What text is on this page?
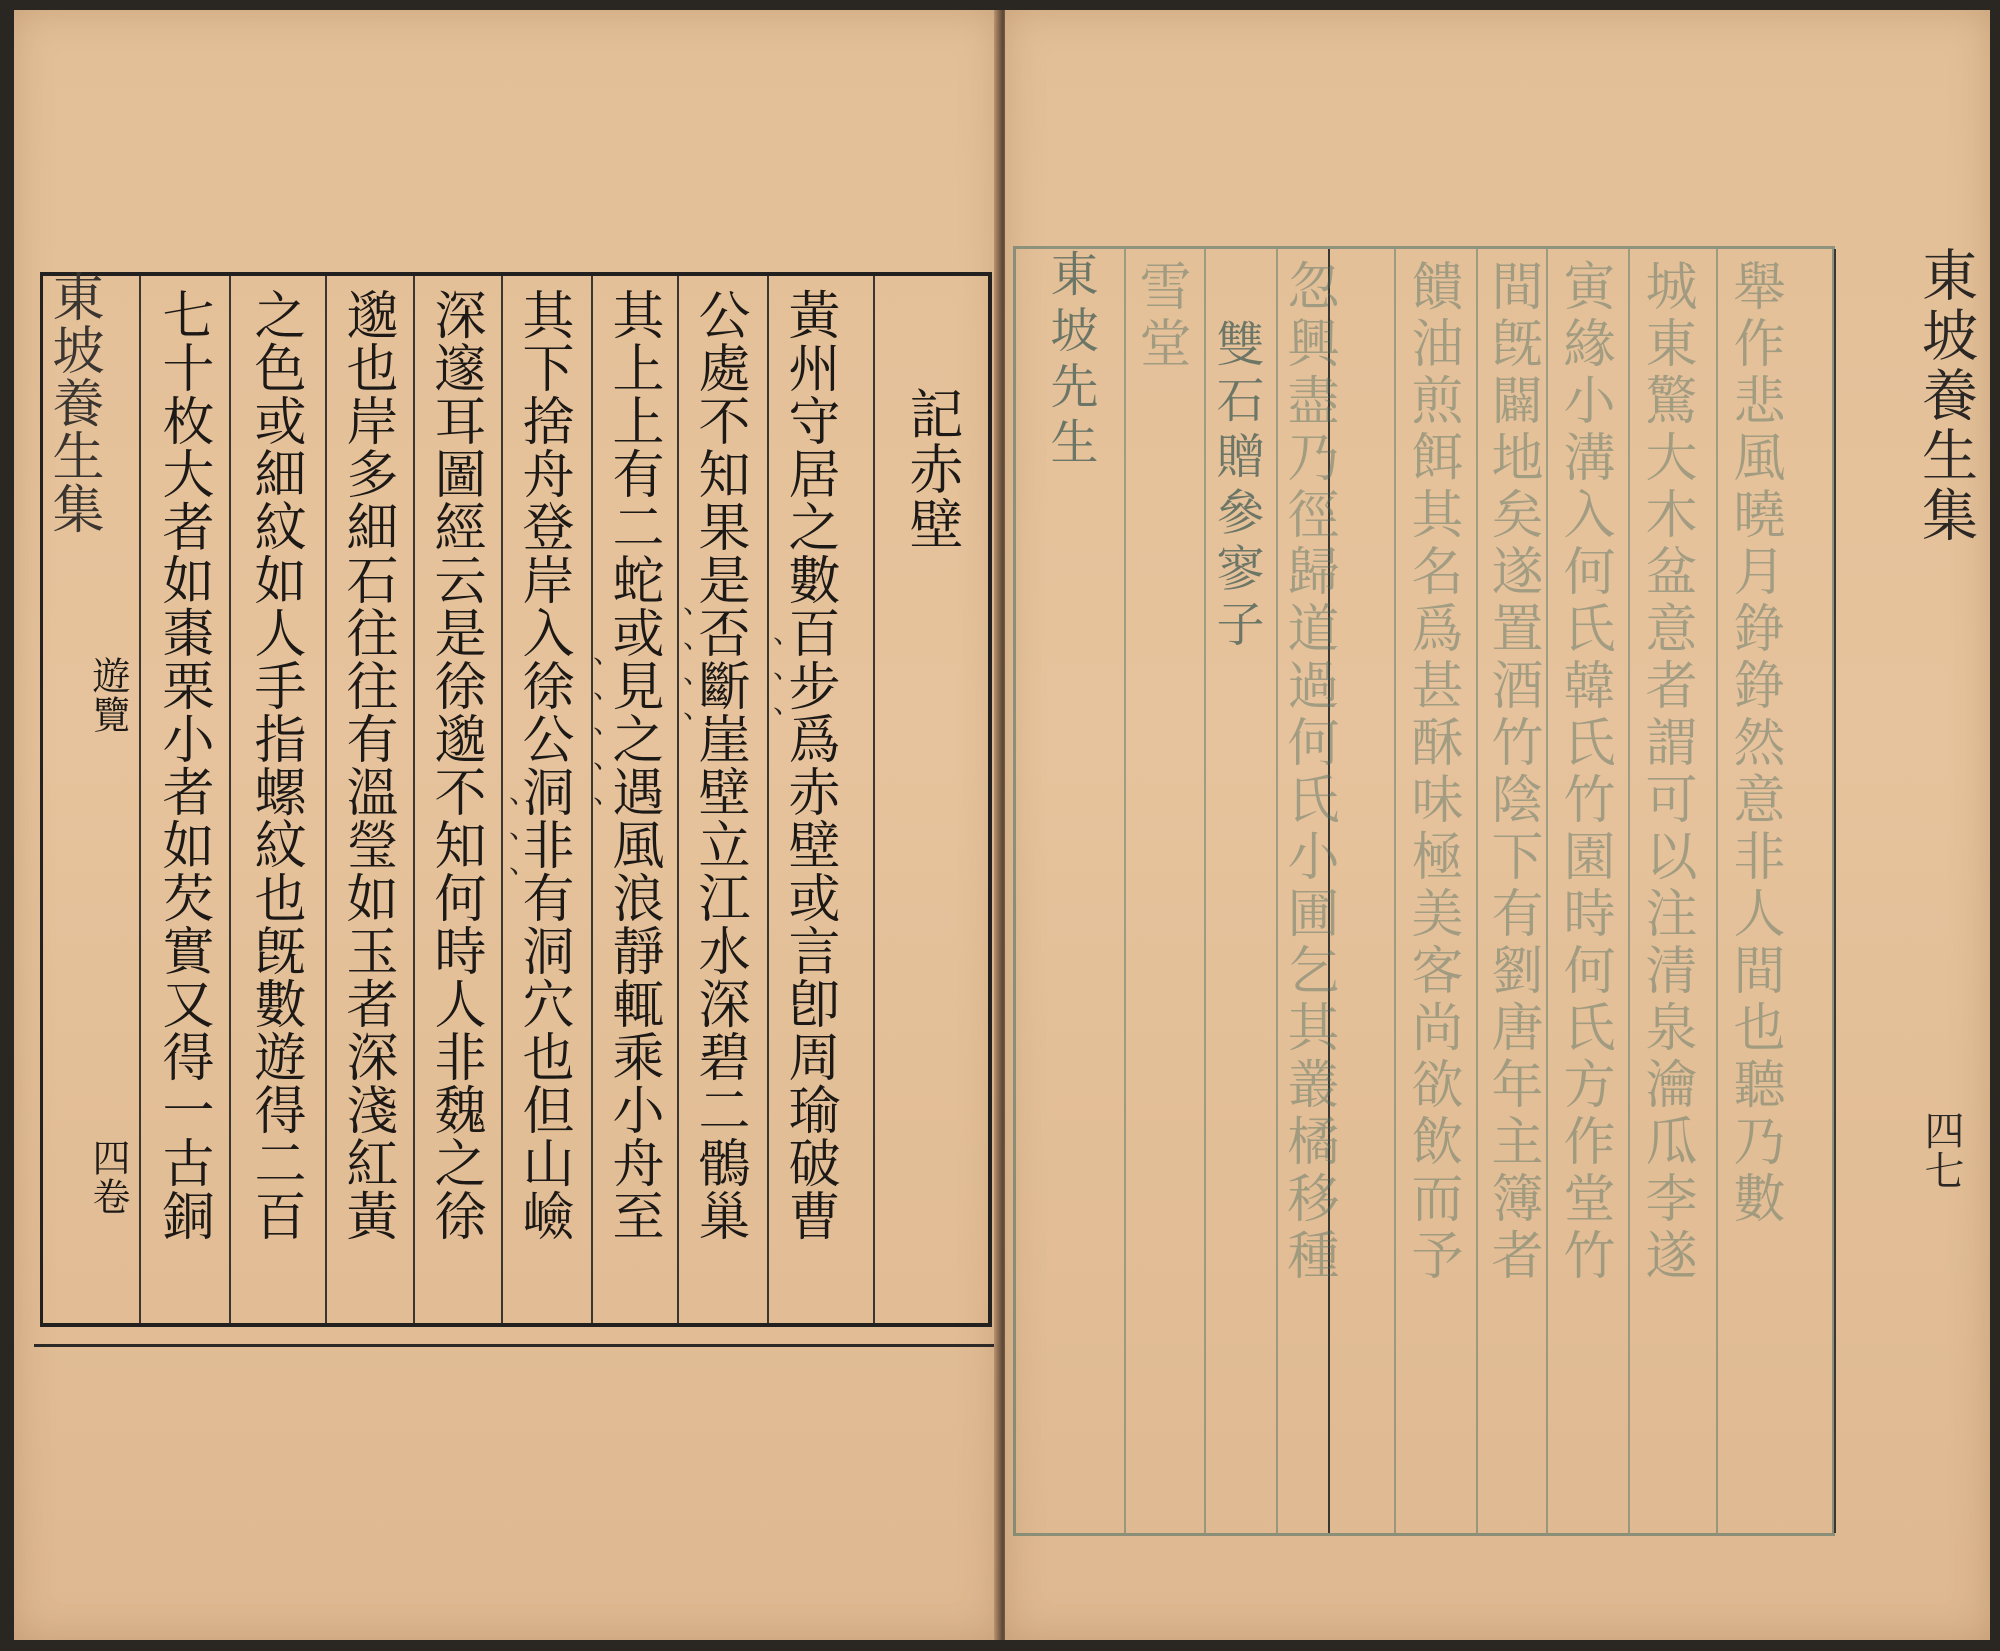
東坡養生集
遊覽
四卷 七十枚大者如棗栗小者如芡實又得一古銅 之色或細紋如人手指螺紋也旣數遊得二百 邈也岸多細石往往有溫瑩如玉者深淺紅黃 深邃耳圖經云是徐邈不知何時人非魏之徐 其下捨舟登岸入徐公洞非有洞穴也但山嶮 其上上有二蛇或見之遇風浪靜輒乘小舟至 公處不知果是否斷崖壁立江水深碧二鶻巢 黃州守居之數百步爲赤壁或言卽周瑜破曹 記赤壁
、、、
、、、、
、、、、、
、、、
東坡先生 雙石贈參寥子
雪堂 忽興盡乃徑歸道過何氏小圃乞其叢橘移種 饋油煎餌其名爲甚酥味極美客尚欲飲而予 間旣闢地矣遂置酒竹陰下有劉唐年主簿者 寅緣小溝入何氏韓氏竹園時何氏方作堂竹 城東驚大木盆意者謂可以注清泉瀹瓜李遂 舉作悲風曉月錚錚然意非人間也聽乃數 東坡養生集
四七
